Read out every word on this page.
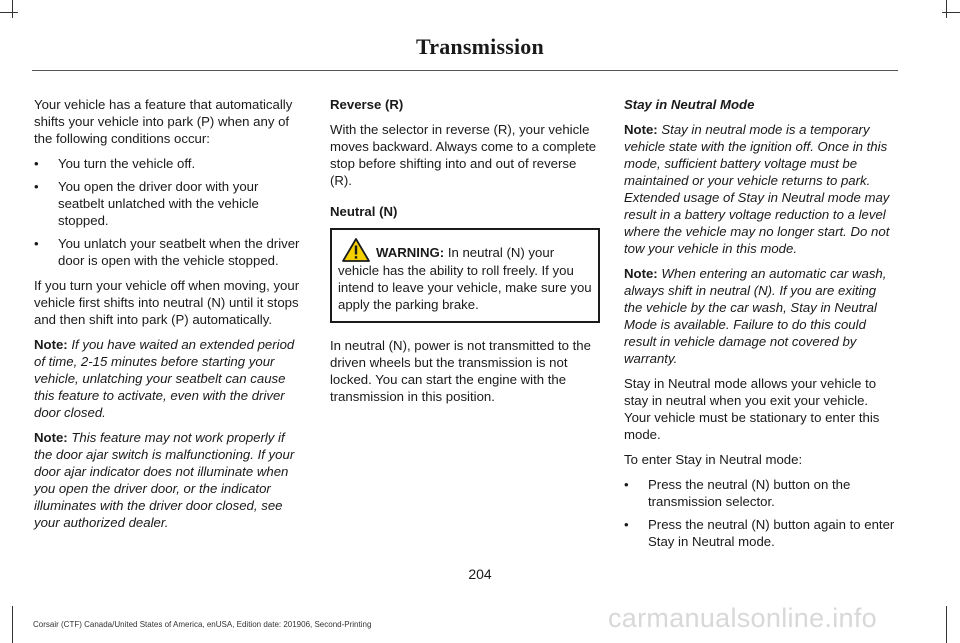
Transmission

Your vehicle has a feature that automatically shifts your vehicle into park (P) when any of the following conditions occur:

• You turn the vehicle off.
• You open the driver door with your seatbelt unlatched with the vehicle stopped.
• You unlatch your seatbelt when the driver door is open with the vehicle stopped.

If you turn your vehicle off when moving, your vehicle first shifts into neutral (N) until it stops and then shift into park (P) automatically.

Note: If you have waited an extended period of time, 2-15 minutes before starting your vehicle, unlatching your seatbelt can cause this feature to activate, even with the driver door closed.

Note: This feature may not work properly if the door ajar switch is malfunctioning. If your door ajar indicator does not illuminate when you open the driver door, or the indicator illuminates with the driver door closed, see your authorized dealer.

Reverse (R)

With the selector in reverse (R), your vehicle moves backward. Always come to a complete stop before shifting into and out of reverse (R).

Neutral (N)

WARNING: In neutral (N) your vehicle has the ability to roll freely. If you intend to leave your vehicle, make sure you apply the parking brake.

In neutral (N), power is not transmitted to the driven wheels but the transmission is not locked. You can start the engine with the transmission in this position.

Stay in Neutral Mode

Note: Stay in neutral mode is a temporary vehicle state with the ignition off. Once in this mode, sufficient battery voltage must be maintained or your vehicle returns to park. Extended usage of Stay in Neutral mode may result in a battery voltage reduction to a level where the vehicle may no longer start. Do not tow your vehicle in this mode.

Note: When entering an automatic car wash, always shift in neutral (N). If you are exiting the vehicle by the car wash, Stay in Neutral Mode is available. Failure to do this could result in vehicle damage not covered by warranty.

Stay in Neutral mode allows your vehicle to stay in neutral when you exit your vehicle. Your vehicle must be stationary to enter this mode.

To enter Stay in Neutral mode:

• Press the neutral (N) button on the transmission selector.
• Press the neutral (N) button again to enter Stay in Neutral mode.
204
Corsair (CTF) Canada/United States of America, enUSA, Edition date: 201906, Second-Printing	carmanualsonline.info
